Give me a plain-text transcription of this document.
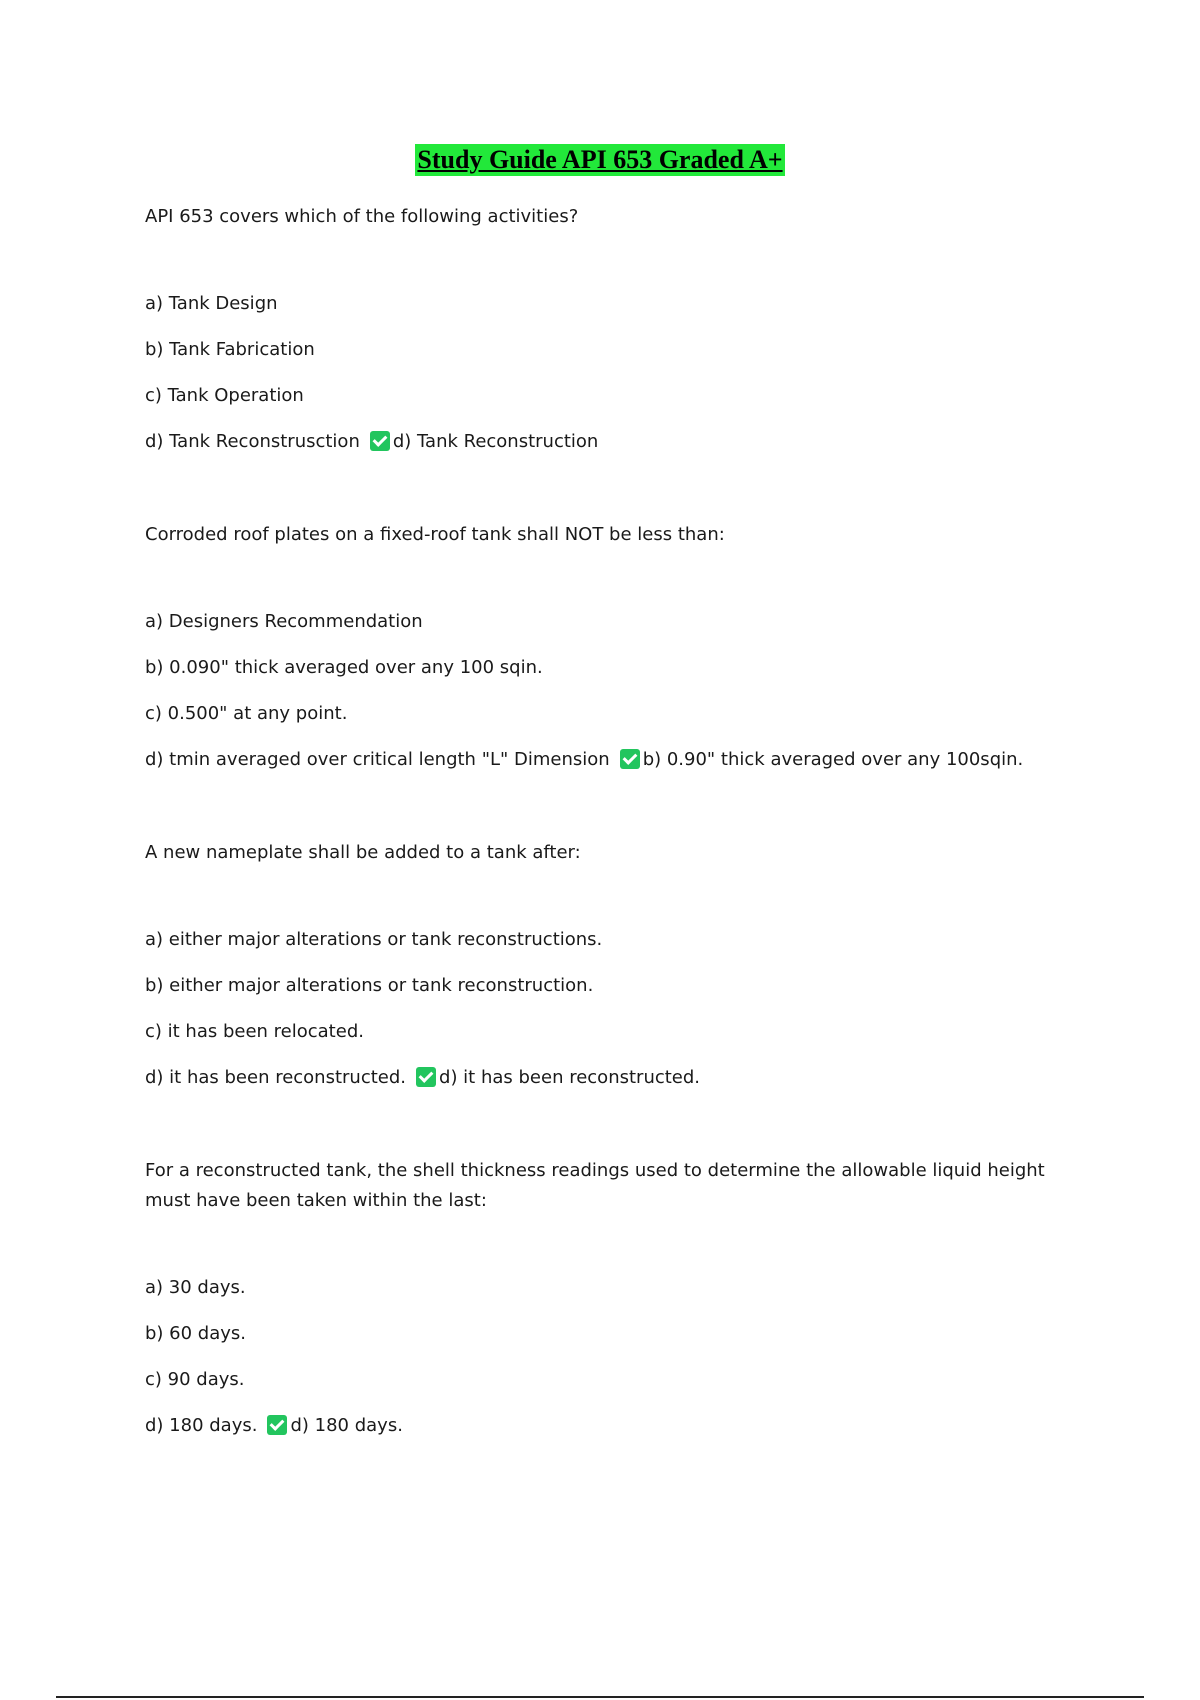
Study Guide API 653 Graded A+
API 653 covers which of the following activities?
a) Tank Design
b) Tank Fabrication
c) Tank Operation
d) Tank Reconstrusction d) Tank Reconstruction
Corroded roof plates on a fixed-roof tank shall NOT be less than:
a) Designers Recommendation
b) 0.090" thick averaged over any 100 sqin.
c) 0.500" at any point.
d) tmin averaged over critical length "L" Dimension b) 0.90" thick averaged over any 100sqin.
A new nameplate shall be added to a tank after:
a) either major alterations or tank reconstructions.
b) either major alterations or tank reconstruction.
c) it has been relocated.
d) it has been reconstructed. d) it has been reconstructed.
For a reconstructed tank, the shell thickness readings used to determine the allowable liquid height must have been taken within the last:
a) 30 days.
b) 60 days.
c) 90 days.
d) 180 days. d) 180 days.
